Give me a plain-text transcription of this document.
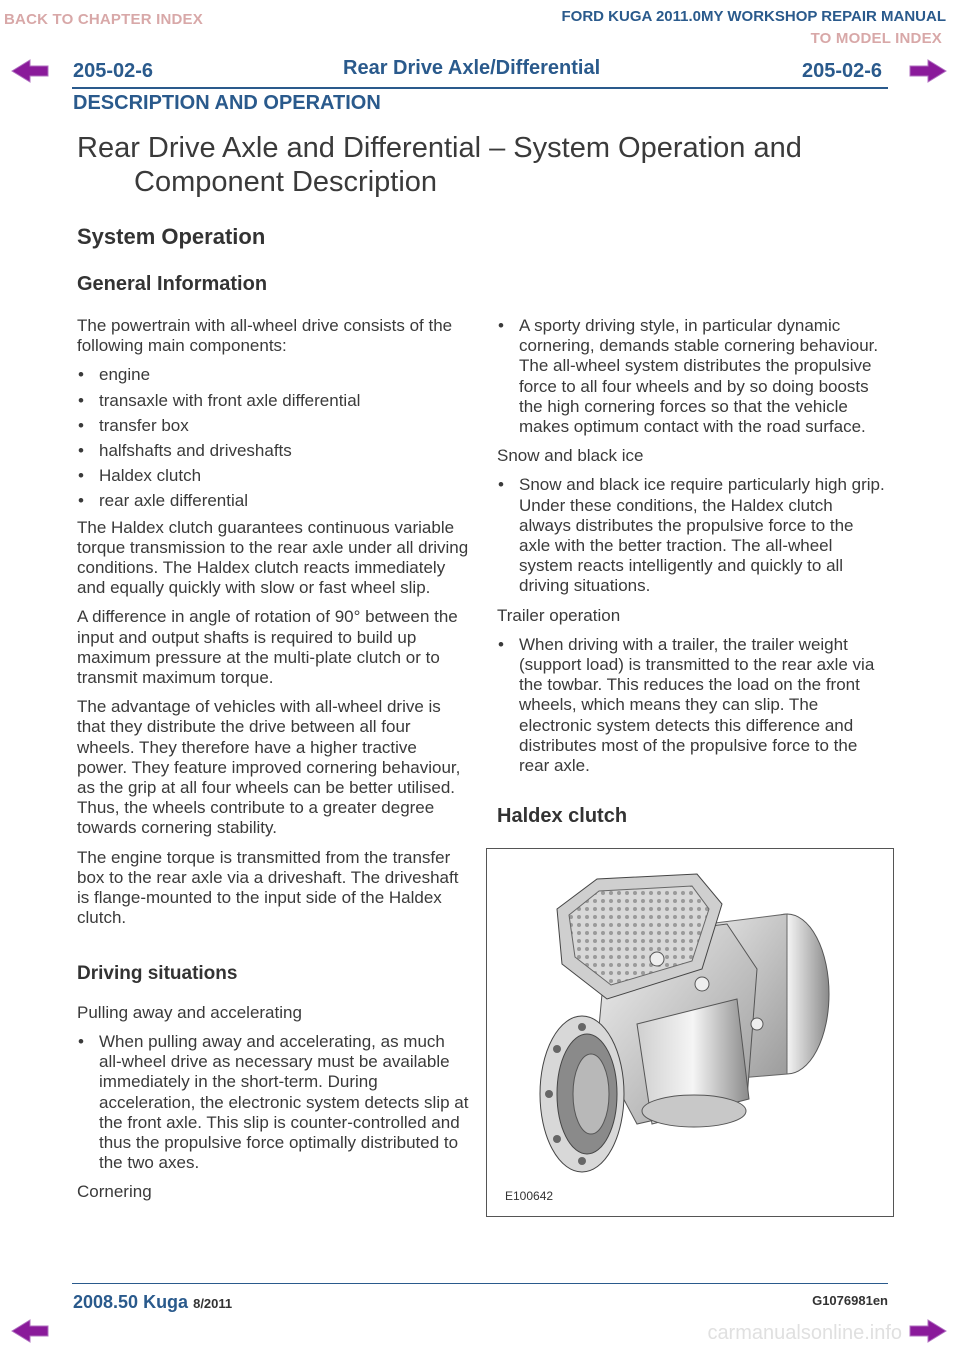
BACK TO CHAPTER INDEX	FORD KUGA 2011.0MY WORKSHOP REPAIR MANUAL
TO MODEL INDEX
205-02-6	Rear Drive Axle/Differential	205-02-6
DESCRIPTION AND OPERATION
Rear Drive Axle and Differential – System Operation and
Component Description
System Operation
General Information

The powertrain with all-wheel drive consists of the following main components:

• engine
• transaxle with front axle differential
• transfer box
• halfshafts and driveshafts
• Haldex clutch
• rear axle differential

The Haldex clutch guarantees continuous variable torque transmission to the rear axle under all driving conditions. The Haldex clutch reacts immediately and equally quickly with slow or fast wheel slip.

A difference in angle of rotation of 90° between the input and output shafts is required to build up maximum pressure at the multi-plate clutch or to transmit maximum torque.

The advantage of vehicles with all-wheel drive is that they distribute the drive between all four wheels. They therefore have a higher tractive power. They feature improved cornering behaviour, as the grip at all four wheels can be better utilised. Thus, the wheels contribute to a greater degree towards cornering stability.

The engine torque is transmitted from the transfer box to the rear axle via a driveshaft. The driveshaft is flange-mounted to the input side of the Haldex clutch.

Driving situations

Pulling away and accelerating

• When pulling away and accelerating, as much all-wheel drive as necessary must be available immediately in the short-term. During acceleration, the electronic system detects slip at the front axle. This slip is counter-controlled and thus the propulsive force optimally distributed to the two axes.

Cornering

• A sporty driving style, in particular dynamic cornering, demands stable cornering behaviour. The all-wheel system distributes the propulsive force to all four wheels and by so doing boosts the high cornering forces so that the vehicle makes optimum contact with the road surface.

Snow and black ice

• Snow and black ice require particularly high grip. Under these conditions, the Haldex clutch always distributes the propulsive force to the axle with the better traction. The all-wheel system reacts intelligently and quickly to all driving situations.

Trailer operation

• When driving with a trailer, the trailer weight (support load) is transmitted to the rear axle via the towbar. This reduces the load on the front wheels, which means they can slip. The electronic system detects this difference and distributes most of the propulsive force to the rear axle.
Haldex clutch
E100642
2008.50 Kuga 8/2011	G1076981en
carmanualsonline.info
